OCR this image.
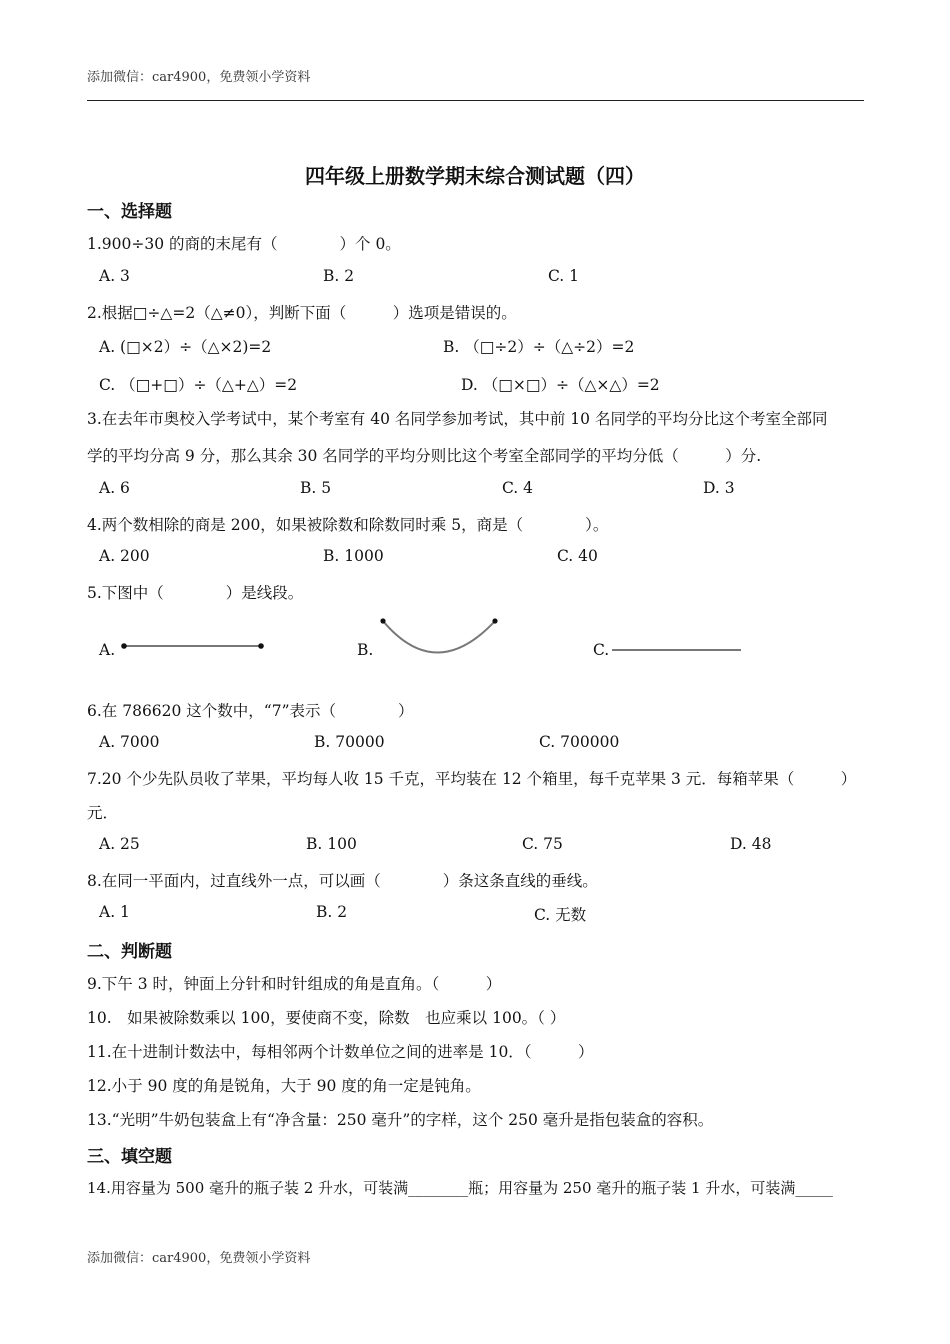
添加微信：car4900，免费领小学资料
四年级上册数学期末综合测试题（四）
一、选择题
1.900÷30 的商的末尾有（　　　　）个 0。
A. 3	B. 2	C. 1
2.根据□÷△=2（△≠0），判断下面（　　　）选项是错误的。
A. (□×2）÷（△×2)=2	B. （□÷2）÷（△÷2）=2
C. （□+□）÷（△+△）=2	D. （□×□）÷（△×△）=2
3.在去年市奥校入学考试中，某个考室有 40 名同学参加考试，其中前 10 名同学的平均分比这个考室全部同
学的平均分高 9 分，那么其余 30 名同学的平均分则比这个考室全部同学的平均分低（　　　）分.
A. 6	B. 5	C. 4	D. 3
4.两个数相除的商是 200，如果被除数和除数同时乘 5，商是（　　　　）。
A. 200	B. 1000	C. 40
5.下图中（　　　　）是线段。
A.	B.	C.
6.在 786620 这个数中，“7”表示（　　　　）
A. 7000	B. 70000	C. 700000
7.20 个少先队员收了苹果，平均每人收 15 千克，平均装在 12 个箱里，每千克苹果 3 元．每箱苹果（　　　）
元．
A. 25	B. 100	C. 75	D. 48
8.在同一平面内，过直线外一点，可以画（　　　　）条这条直线的垂线。
A. 1	B. 2	C. 无数
二、判断题
9.下午 3 时，钟面上分针和时针组成的角是直角。（　　　）
10.　如果被除数乘以 100，要使商不变，除数　也应乘以 100。（ ）
11.在十进制计数法中，每相邻两个计数单位之间的进率是 10．（　　　）
12.小于 90 度的角是锐角，大于 90 度的角一定是钝角。
13.“光明”牛奶包装盒上有“净含量：250 毫升”的字样，这个 250 毫升是指包装盒的容积。
三、填空题
14.用容量为 500 毫升的瓶子装 2 升水，可装满________瓶；用容量为 250 毫升的瓶子装 1 升水，可装满_____
添加微信：car4900，免费领小学资料
